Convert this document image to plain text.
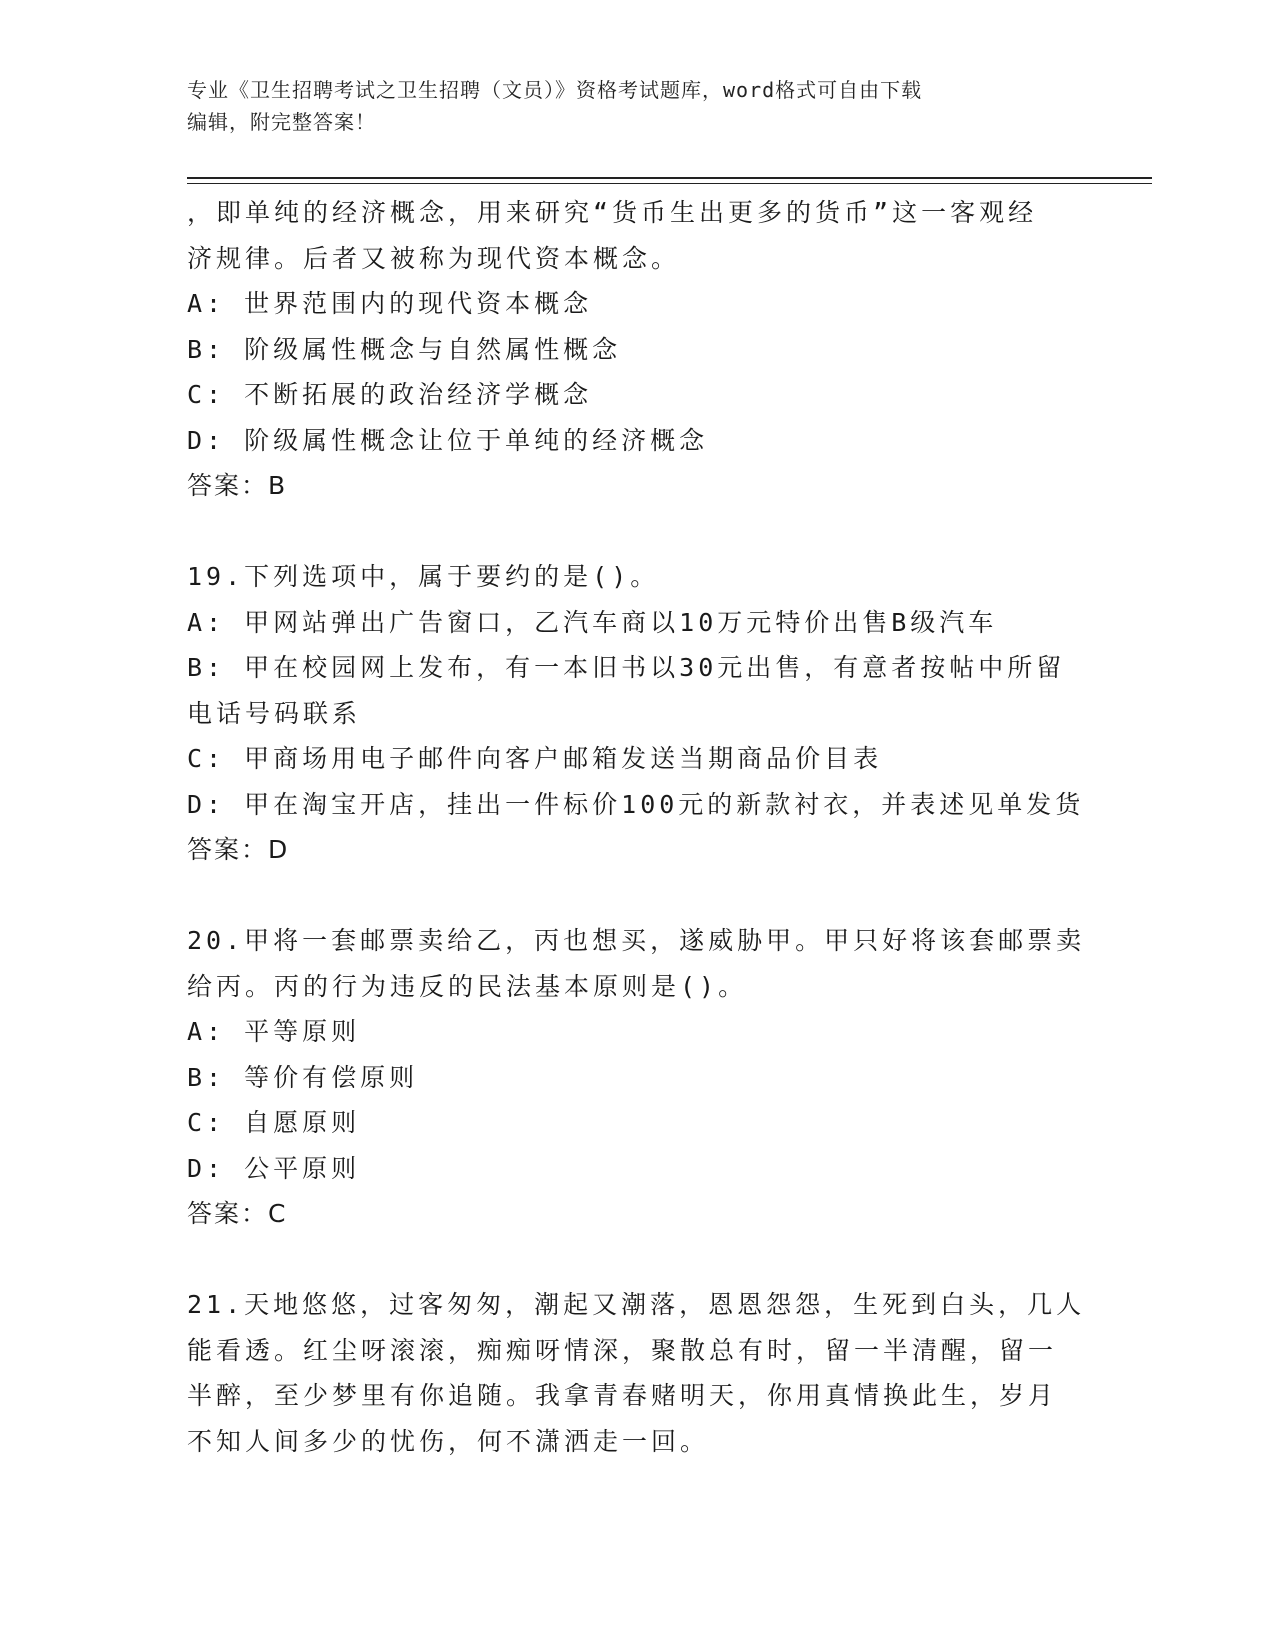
专业《卫生招聘考试之卫生招聘（文员）》资格考试题库，word格式可自由下载
编辑，附完整答案！
，即单纯的经济概念，用来研究“货币生出更多的货币”这一客观经
济规律。后者又被称为现代资本概念。
A: 世界范围内的现代资本概念
B: 阶级属性概念与自然属性概念
C: 不断拓展的政治经济学概念
D: 阶级属性概念让位于单纯的经济概念
答案：B
19.下列选项中，属于要约的是()。
A: 甲网站弹出广告窗口，乙汽车商以10万元特价出售B级汽车
B: 甲在校园网上发布，有一本旧书以30元出售，有意者按帖中所留
电话号码联系
C: 甲商场用电子邮件向客户邮箱发送当期商品价目表
D: 甲在淘宝开店，挂出一件标价100元的新款衬衣，并表述见单发货
答案：D
20.甲将一套邮票卖给乙，丙也想买，遂威胁甲。甲只好将该套邮票卖
给丙。丙的行为违反的民法基本原则是()。
A: 平等原则
B: 等价有偿原则
C: 自愿原则
D: 公平原则
答案：C
21.天地悠悠，过客匆匆，潮起又潮落，恩恩怨怨，生死到白头，几人
能看透。红尘呀滚滚，痴痴呀情深，聚散总有时，留一半清醒，留一
半醉，至少梦里有你追随。我拿青春赌明天，你用真情换此生，岁月
不知人间多少的忧伤，何不潇洒走一回。
